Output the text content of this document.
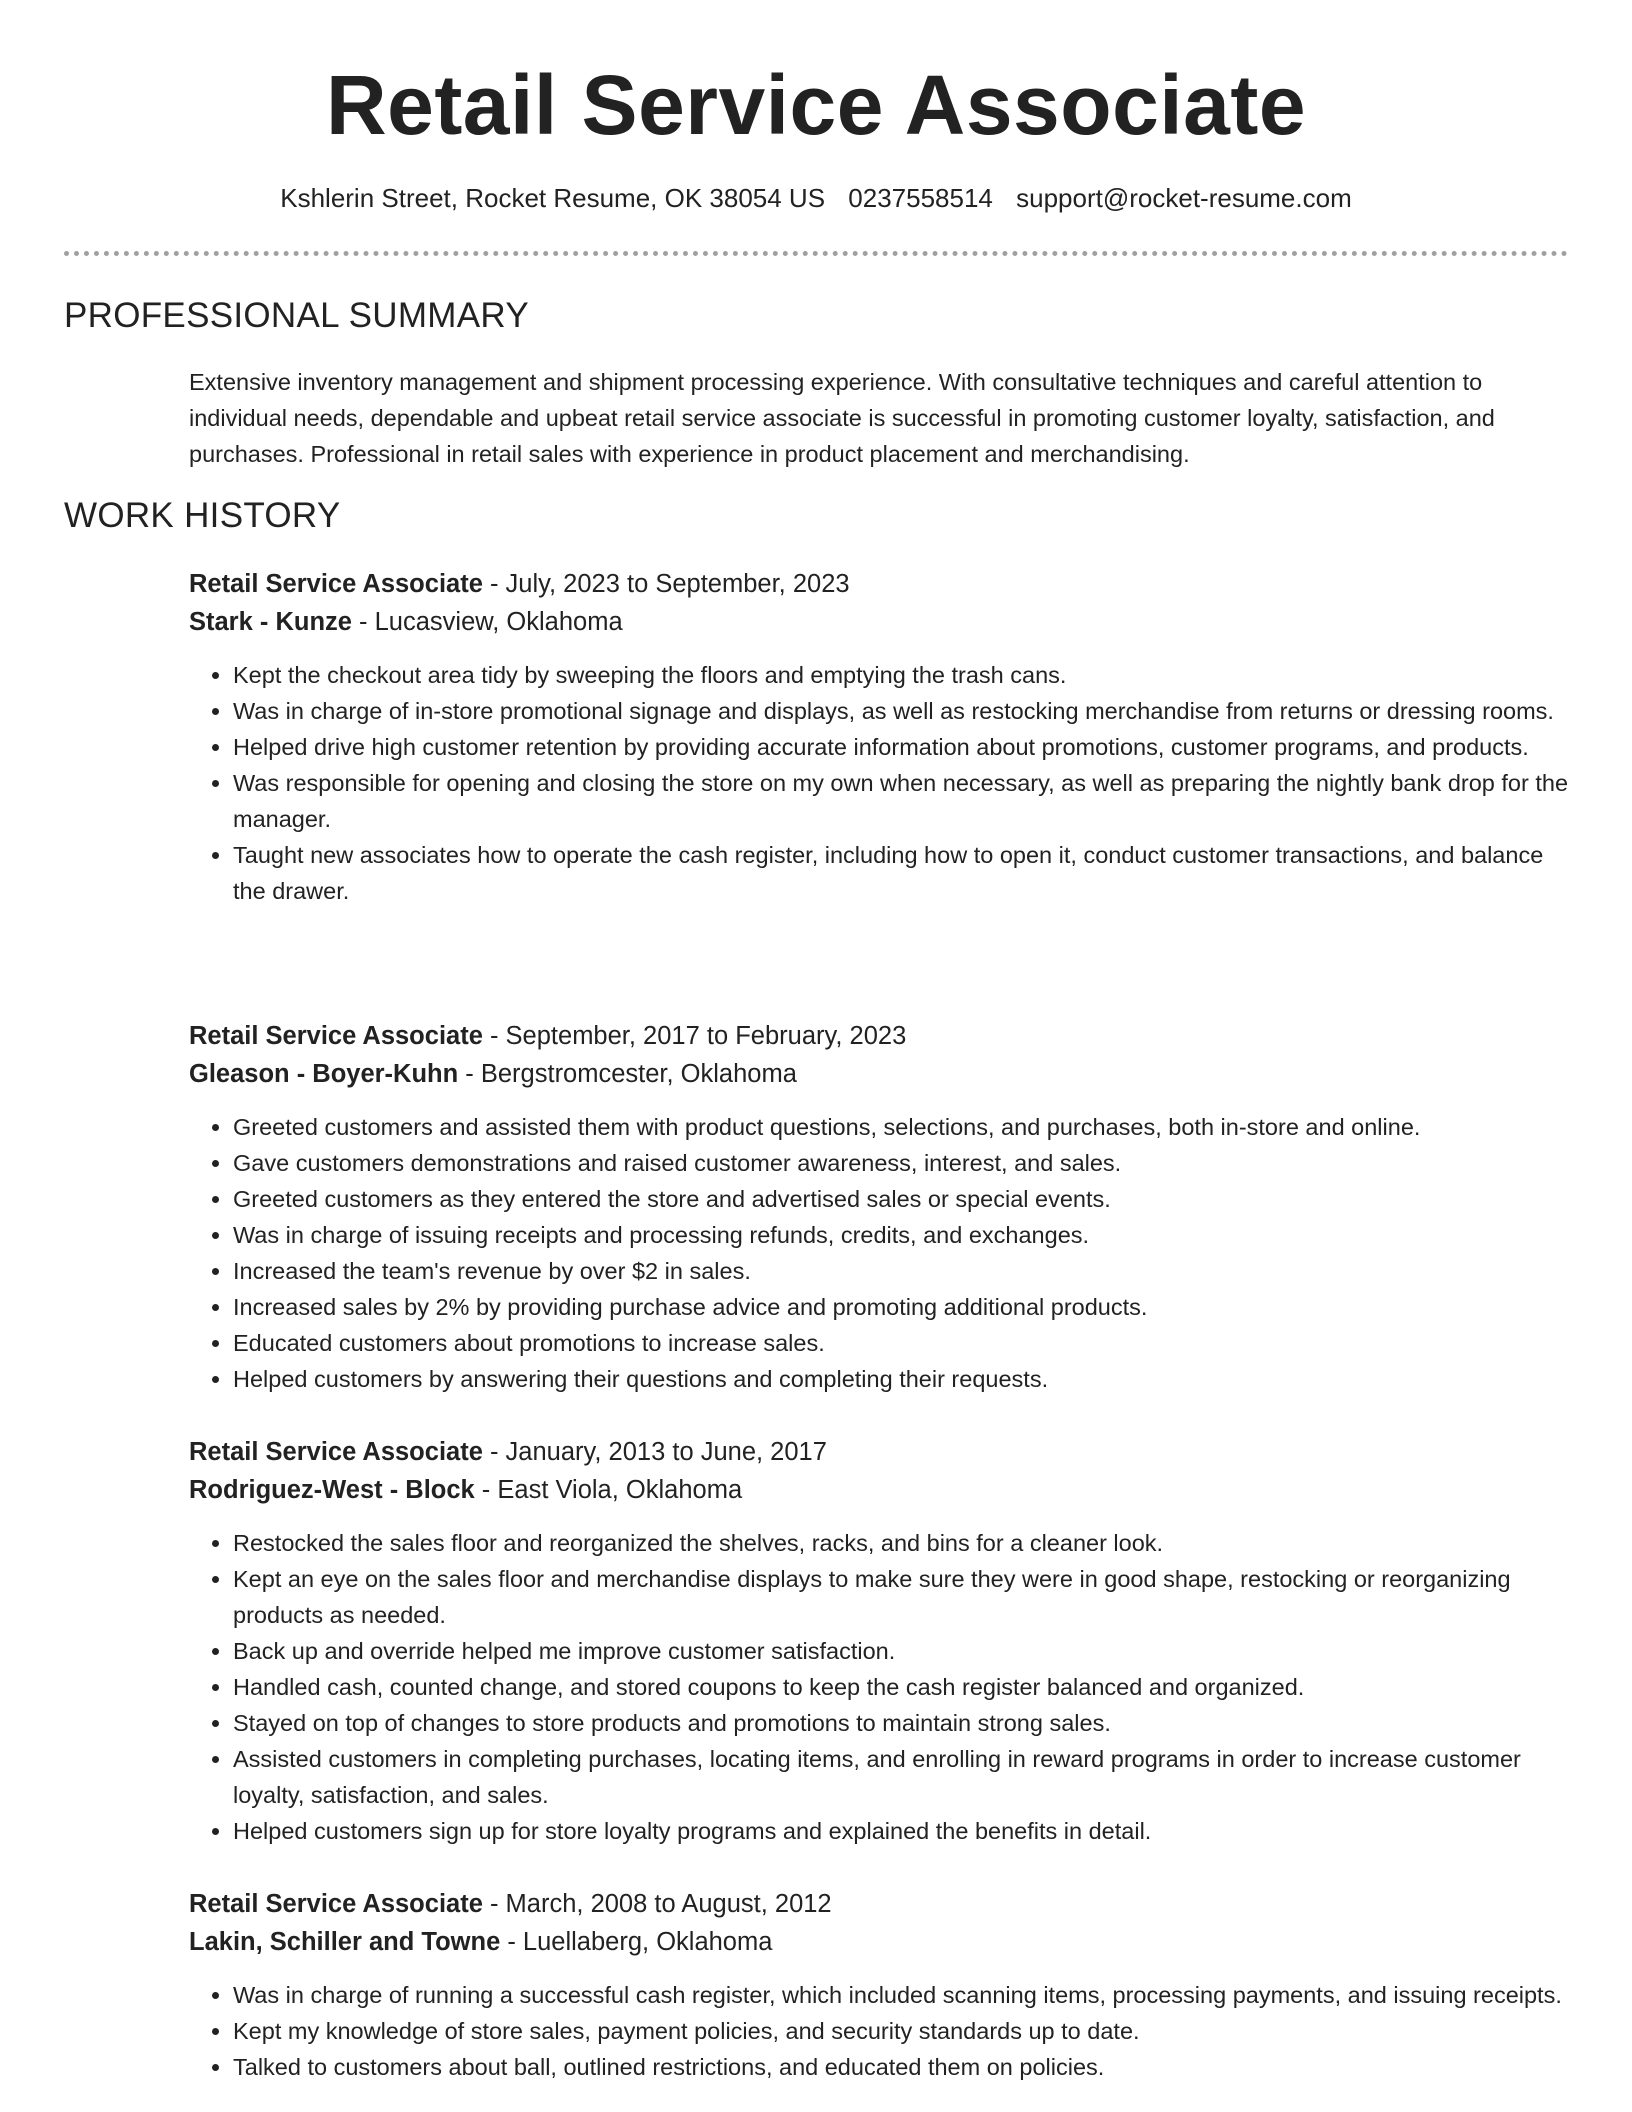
Retail Service Associate
Kshlerin Street, Rocket Resume, OK 38054 US 0237558514 support@rocket-resume.com
PROFESSIONAL SUMMARY

Extensive inventory management and shipment processing experience. With consultative techniques and careful attention to individual needs, dependable and upbeat retail service associate is successful in promoting customer loyalty, satisfaction, and purchases. Professional in retail sales with experience in product placement and merchandising.

WORK HISTORY

Retail Service Associate - July, 2023 to September, 2023

Stark - Kunze - Lucasview, Oklahoma

• Kept the checkout area tidy by sweeping the floors and emptying the trash cans.
• Was in charge of in-store promotional signage and displays, as well as restocking merchandise from returns or dressing rooms.
• Helped drive high customer retention by providing accurate information about promotions, customer programs, and products.
• Was responsible for opening and closing the store on my own when necessary, as well as preparing the nightly bank drop for the manager.
• Taught new associates how to operate the cash register, including how to open it, conduct customer transactions, and balance the drawer.

Retail Service Associate - September, 2017 to February, 2023

Gleason - Boyer-Kuhn - Bergstromcester, Oklahoma

• Greeted customers and assisted them with product questions, selections, and purchases, both in-store and online.
• Gave customers demonstrations and raised customer awareness, interest, and sales.
• Greeted customers as they entered the store and advertised sales or special events.
• Was in charge of issuing receipts and processing refunds, credits, and exchanges.
• Increased the team's revenue by over $2 in sales.
• Increased sales by 2% by providing purchase advice and promoting additional products.
• Educated customers about promotions to increase sales.
• Helped customers by answering their questions and completing their requests.

Retail Service Associate - January, 2013 to June, 2017

Rodriguez-West - Block - East Viola, Oklahoma

• Restocked the sales floor and reorganized the shelves, racks, and bins for a cleaner look.
• Kept an eye on the sales floor and merchandise displays to make sure they were in good shape, restocking or reorganizing products as needed.
• Back up and override helped me improve customer satisfaction.
• Handled cash, counted change, and stored coupons to keep the cash register balanced and organized.
• Stayed on top of changes to store products and promotions to maintain strong sales.
• Assisted customers in completing purchases, locating items, and enrolling in reward programs in order to increase customer loyalty, satisfaction, and sales.
• Helped customers sign up for store loyalty programs and explained the benefits in detail.

Retail Service Associate - March, 2008 to August, 2012

Lakin, Schiller and Towne - Luellaberg, Oklahoma

• Was in charge of running a successful cash register, which included scanning items, processing payments, and issuing receipts.
• Kept my knowledge of store sales, payment policies, and security standards up to date.
• Talked to customers about ball, outlined restrictions, and educated them on policies.
